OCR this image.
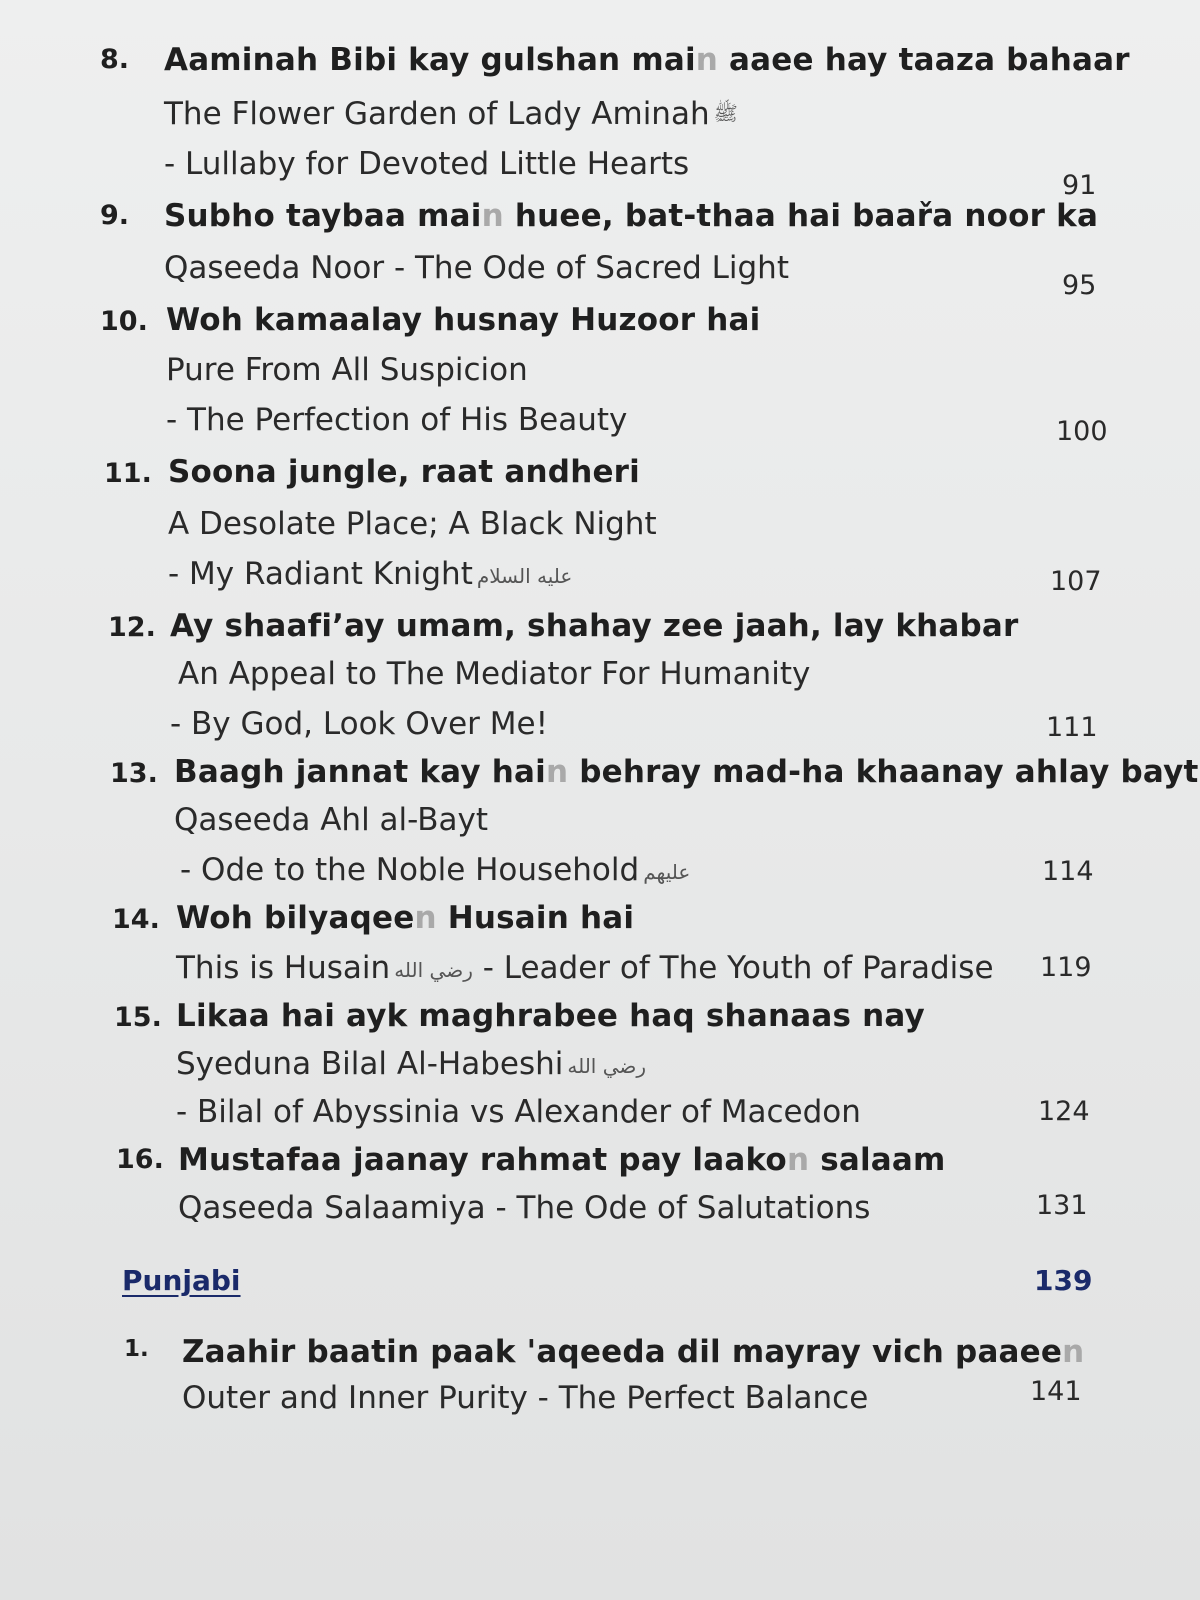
8. Aaminah Bibi kay gulshan main aaee hay taaza bahaar
The Flower Garden of Lady Aminah ﷺ
- Lullaby for Devoted Little Hearts
91
9. Subho taybaa main huee, bat-thaa hai baařa noor ka
Qaseeda Noor - The Ode of Sacred Light	95
10. Woh kamaalay husnay Huzoor hai
Pure From All Suspicion
- The Perfection of His Beauty	100
11. Soona jungle, raat andheri
A Desolate Place; A Black Night
- My Radiant Knight عليه السلام	107
12. Ay shaafi’ay umam, shahay zee jaah, lay khabar
An Appeal to The Mediator For Humanity
- By God, Look Over Me!	111
13. Baagh jannat kay hain behray mad-ha khaanay ahlay bayt
Qaseeda Ahl al-Bayt
- Ode to the Noble Household عليهم	114
14. Woh bilyaqeen Husain hai
This is Husain رضي الله - Leader of The Youth of Paradise 119
15. Likaa hai ayk maghrabee haq shanaas nay
Syeduna Bilal Al-Habeshi رضي الله
- Bilal of Abyssinia vs Alexander of Macedon	124
16. Mustafaa jaanay rahmat pay laakon salaam
Qaseeda Salaamiya - The Ode of Salutations	131
Punjabi	139
1. Zaahir baatin paak 'aqeeda dil mayray vich paaeen
Outer and Inner Purity - The Perfect Balance	141
